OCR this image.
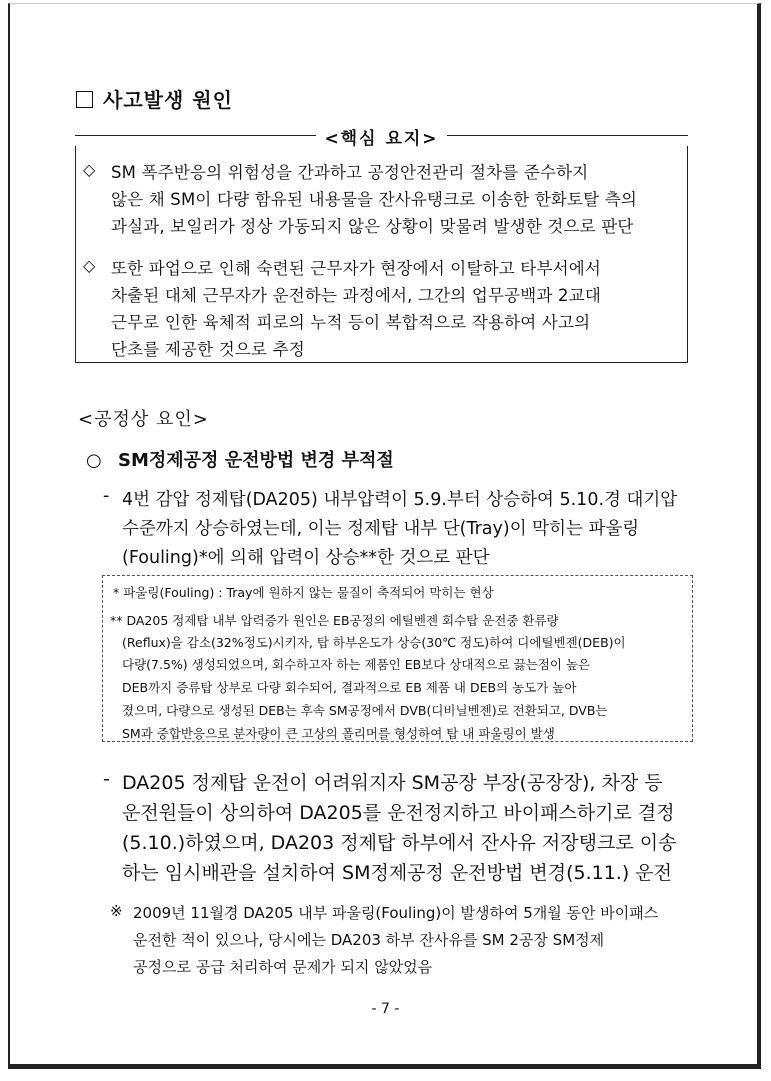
사고발생 원인
<핵심 요지>
◇ SM 폭주반응의 위험성을 간과하고 공정안전관리 절차를 준수하지
않은 채 SM이 다량 함유된 내용물을 잔사유탱크로 이송한 한화토탈 측의
과실과, 보일러가 정상 가동되지 않은 상황이 맞물려 발생한 것으로 판단
◇ 또한 파업으로 인해 숙련된 근무자가 현장에서 이탈하고 타부서에서
차출된 대체 근무자가 운전하는 과정에서, 그간의 업무공백과 2교대
근무로 인한 육체적 피로의 누적 등이 복합적으로 작용하여 사고의
단초를 제공한 것으로 추정
<공정상 요인>
○ SM정제공정 운전방법 변경 부적절
- 4번 감압 정제탑(DA205) 내부압력이 5.9.부터 상승하여 5.10.경 대기압
수준까지 상승하였는데, 이는 정제탑 내부 단(Tray)이 막히는 파울링
(Fouling)*에 의해 압력이 상승**한 것으로 판단
* 파울링(Fouling) : Tray에 원하지 않는 물질이 축적되어 막히는 현상
** DA205 정제탑 내부 압력증가 원인은 EB공정의 에틸벤젠 회수탑 운전중 환류량
(Reflux)을 감소(32%정도)시키자, 탑 하부온도가 상승(30℃ 정도)하여 디에틸벤젠(DEB)이
다량(7.5%) 생성되었으며, 회수하고자 하는 제품인 EB보다 상대적으로 끓는점이 높은
DEB까지 증류탑 상부로 다량 회수되어, 결과적으로 EB 제품 내 DEB의 농도가 높아
졌으며, 다량으로 생성된 DEB는 후속 SM공정에서 DVB(디비닐벤젠)로 전환되고, DVB는
SM과 중합반응으로 분자량이 큰 고상의 폴리머를 형성하여 탑 내 파울링이 발생
- DA205 정제탑 운전이 어려워지자 SM공장 부장(공장장), 차장 등
운전원들이 상의하여 DA205를 운전정지하고 바이패스하기로 결정
(5.10.)하였으며, DA203 정제탑 하부에서 잔사유 저장탱크로 이송
하는 임시배관을 설치하여 SM정제공정 운전방법 변경(5.11.) 운전
※ 2009년 11월경 DA205 내부 파울링(Fouling)이 발생하여 5개월 동안 바이패스
운전한 적이 있으나, 당시에는 DA203 하부 잔사유를 SM 2공장 SM정제
공정으로 공급 처리하여 문제가 되지 않았었음
- 7 -
